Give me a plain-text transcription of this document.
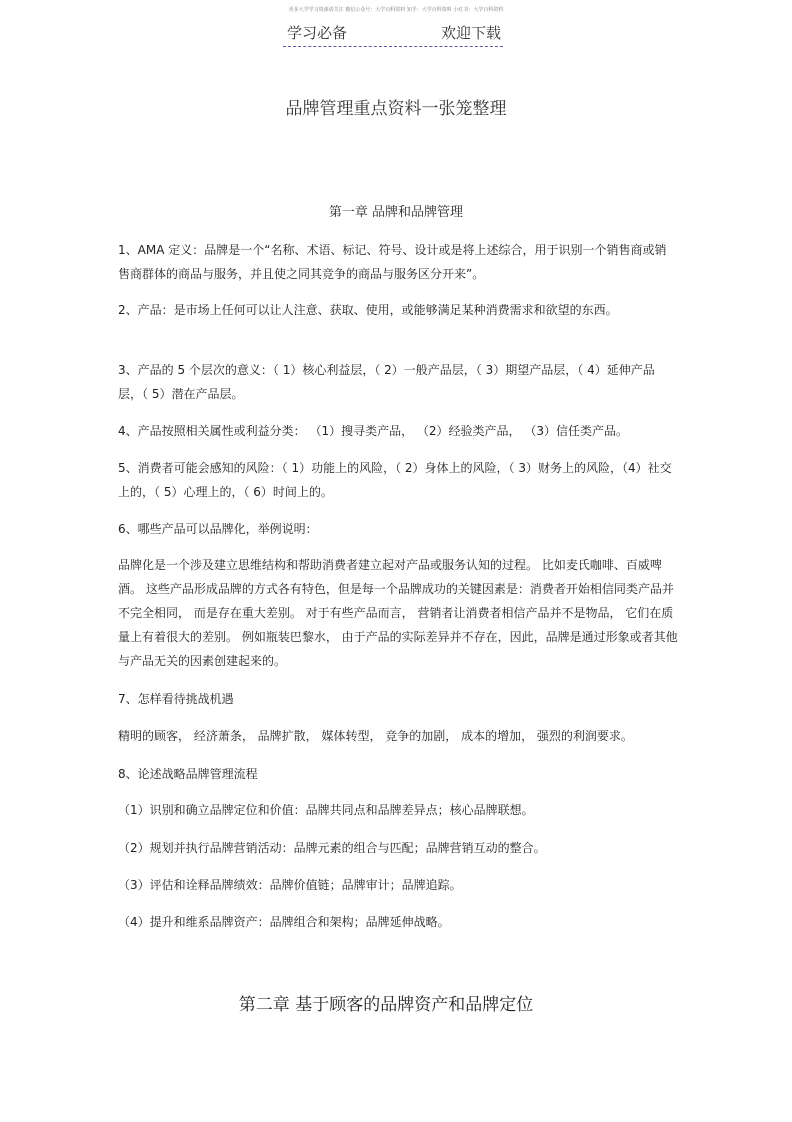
更多大学学习资源请关注 微信公众号：大学百科资料 知乎：大学百科资料 小红书：大学百科资料
学习必备	欢迎下载
品牌管理重点资料一张笼整理
第一章 品牌和品牌管理
1、AMA 定义：品牌是一个“名称、术语、标记、符号、设计或是将上述综合，用于识别一个销售商或销售商群体的商品与服务，并且使之同其竞争的商品与服务区分开来”。
2、产品：是市场上任何可以让人注意、获取、使用，或能够满足某种消费需求和欲望的东西。
3、产品的 5 个层次的意义：（ 1）核心利益层，（ 2）一般产品层，（ 3）期望产品层，（ 4）延伸产品层，（ 5）潜在产品层。
4、产品按照相关属性或利益分类： （1）搜寻类产品， （2）经验类产品， （3）信任类产品。
5、消费者可能会感知的风险：（ 1）功能上的风险，（ 2）身体上的风险，（ 3）财务上的风险，（4）社交上的，（ 5）心理上的，（ 6）时间上的。
6、哪些产品可以品牌化，举例说明：
品牌化是一个涉及建立思维结构和帮助消费者建立起对产品或服务认知的过程。 比如麦氏咖啡、百威啤酒。 这些产品形成品牌的方式各有特色，但是每一个品牌成功的关键因素是：消费者开始相信同类产品并不完全相同， 而是存在重大差别。 对于有些产品而言， 营销者让消费者相信产品并不是物品， 它们在质量上有着很大的差别。 例如瓶装巴黎水， 由于产品的实际差异并不存在，因此，品牌是通过形象或者其他与产品无关的因素创建起来的。
7、怎样看待挑战机遇
精明的顾客， 经济萧条， 品牌扩散， 媒体转型， 竞争的加剧， 成本的增加， 强烈的利润要求。
8、论述战略品牌管理流程
（1）识别和确立品牌定位和价值：品牌共同点和品牌差异点；核心品牌联想。
（2）规划并执行品牌营销活动：品牌元素的组合与匹配；品牌营销互动的整合。
（3）评估和诠释品牌绩效：品牌价值链；品牌审计；品牌追踪。
（4）提升和维系品牌资产：品牌组合和架构；品牌延伸战略。
第二章 基于顾客的品牌资产和品牌定位
